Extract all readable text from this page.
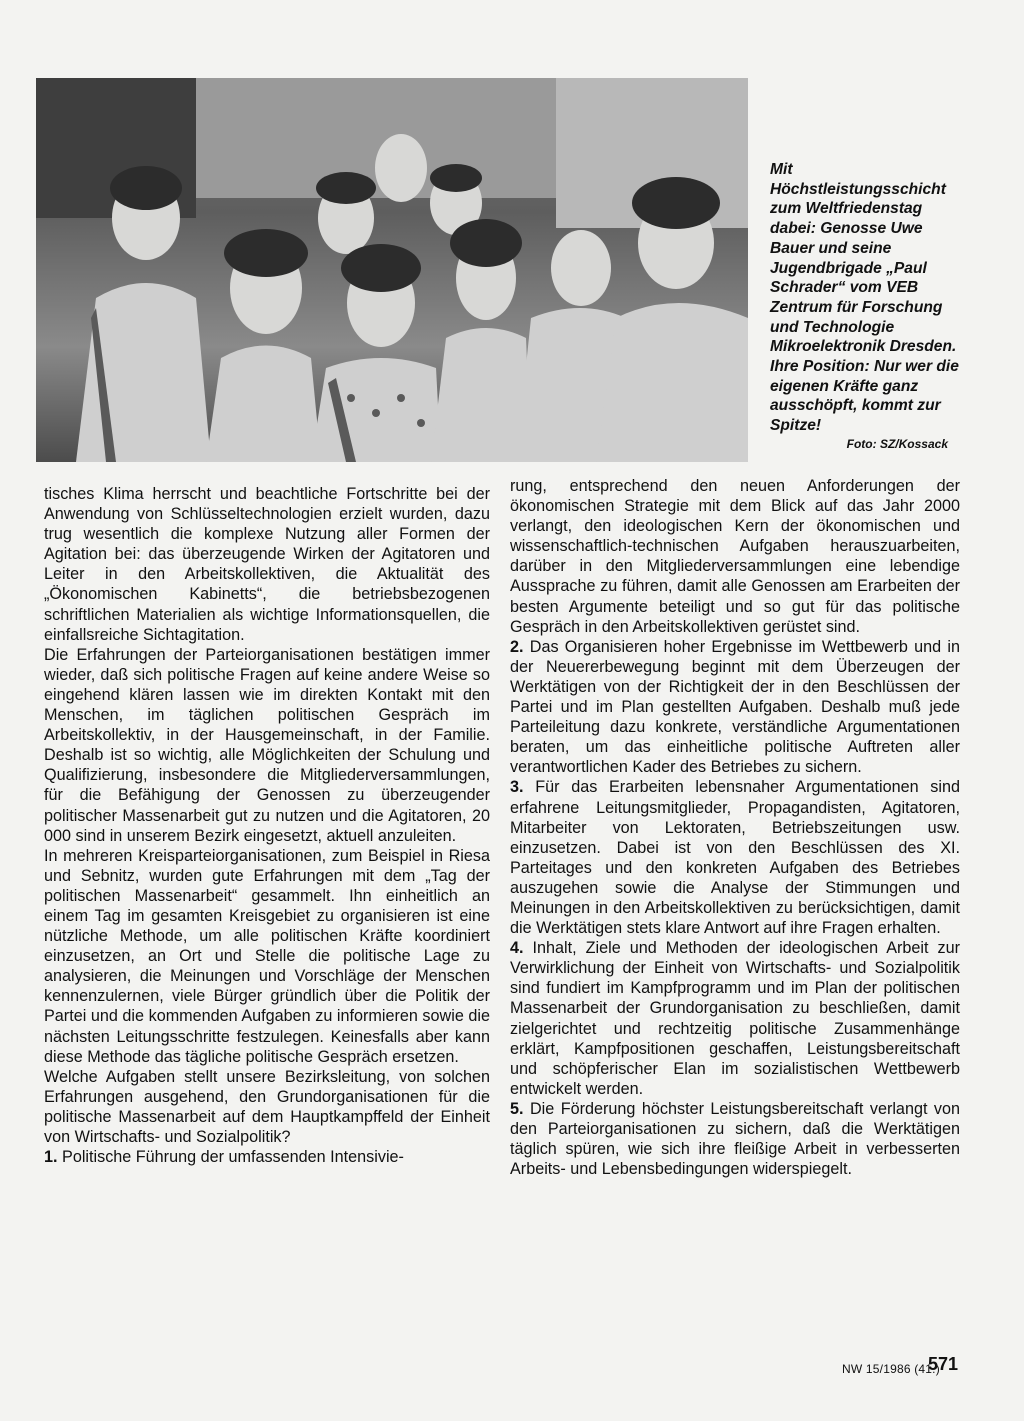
Mit Höchstleistungsschicht zum Weltfriedenstag dabei: Genosse Uwe Bauer und seine Jugendbrigade „Paul Schrader“ vom VEB Zentrum für Forschung und Technologie Mikroelektronik Dresden. Ihre Position: Nur wer die eigenen Kräfte ganz ausschöpft, kommt zur Spitze!
Foto: SZ/Kossack

tisches Klima herrscht und beachtliche Fortschritte bei der Anwendung von Schlüsseltechnologien erzielt wurden, dazu trug wesentlich die komplexe Nutzung aller Formen der Agitation bei: das überzeugende Wirken der Agitatoren und Leiter in den Arbeitskollektiven, die Aktualität des „Ökonomischen Kabinetts“, die betriebsbezogenen schriftlichen Materialien als wichtige Informationsquellen, die einfallsreiche Sichtagitation.

Die Erfahrungen der Parteiorganisationen bestätigen immer wieder, daß sich politische Fragen auf keine andere Weise so eingehend klären lassen wie im direkten Kontakt mit den Menschen, im täglichen politischen Gespräch im Arbeitskollektiv, in der Hausgemeinschaft, in der Familie. Deshalb ist so wichtig, alle Möglichkeiten der Schulung und Qualifizierung, insbesondere die Mitgliederversammlungen, für die Befähigung der Genossen zu überzeugender politischer Massenarbeit gut zu nutzen und die Agitatoren, 20 000 sind in unserem Bezirk eingesetzt, aktuell anzuleiten.

In mehreren Kreisparteiorganisationen, zum Beispiel in Riesa und Sebnitz, wurden gute Erfahrungen mit dem „Tag der politischen Massenarbeit“ gesammelt. Ihn einheitlich an einem Tag im gesamten Kreisgebiet zu organisieren ist eine nützliche Methode, um alle politischen Kräfte koordiniert einzusetzen, an Ort und Stelle die politische Lage zu analysieren, die Meinungen und Vorschläge der Menschen kennenzulernen, viele Bürger gründlich über die Politik der Partei und die kommenden Aufgaben zu informieren sowie die nächsten Leitungsschritte festzulegen. Keinesfalls aber kann diese Methode das tägliche politische Gespräch ersetzen.

Welche Aufgaben stellt unsere Bezirksleitung, von solchen Erfahrungen ausgehend, den Grundorganisationen für die politische Massenarbeit auf dem Hauptkampffeld der Einheit von Wirtschafts- und Sozialpolitik?

1. Politische Führung der umfassenden Intensivie-

rung, entsprechend den neuen Anforderungen der ökonomischen Strategie mit dem Blick auf das Jahr 2000 verlangt, den ideologischen Kern der ökonomischen und wissenschaftlich-technischen Aufgaben herauszuarbeiten, darüber in den Mitgliederversammlungen eine lebendige Aussprache zu führen, damit alle Genossen am Erarbeiten der besten Argumente beteiligt und so gut für das politische Gespräch in den Arbeitskollektiven gerüstet sind.

2. Das Organisieren hoher Ergebnisse im Wettbewerb und in der Neuererbewegung beginnt mit dem Überzeugen der Werktätigen von der Richtigkeit der in den Beschlüssen der Partei und im Plan gestellten Aufgaben. Deshalb muß jede Parteileitung dazu konkrete, verständliche Argumentationen beraten, um das einheitliche politische Auftreten aller verantwortlichen Kader des Betriebes zu sichern.

3. Für das Erarbeiten lebensnaher Argumentationen sind erfahrene Leitungsmitglieder, Propagandisten, Agitatoren, Mitarbeiter von Lektoraten, Betriebszeitungen usw. einzusetzen. Dabei ist von den Beschlüssen des XI. Parteitages und den konkreten Aufgaben des Betriebes auszugehen sowie die Analyse der Stimmungen und Meinungen in den Arbeitskollektiven zu berücksichtigen, damit die Werktätigen stets klare Antwort auf ihre Fragen erhalten.

4. Inhalt, Ziele und Methoden der ideologischen Arbeit zur Verwirklichung der Einheit von Wirtschafts- und Sozialpolitik sind fundiert im Kampfprogramm und im Plan der politischen Massenarbeit der Grundorganisation zu beschließen, damit zielgerichtet und rechtzeitig politische Zusammenhänge erklärt, Kampfpositionen geschaffen, Leistungsbereitschaft und schöpferischer Elan im sozialistischen Wettbewerb entwickelt werden.

5. Die Förderung höchster Leistungsbereitschaft verlangt von den Parteiorganisationen zu sichern, daß die Werktätigen täglich spüren, wie sich ihre fleißige Arbeit in verbesserten Arbeits- und Lebensbedingungen widerspiegelt.

NW 15/1986 (41.)
571
